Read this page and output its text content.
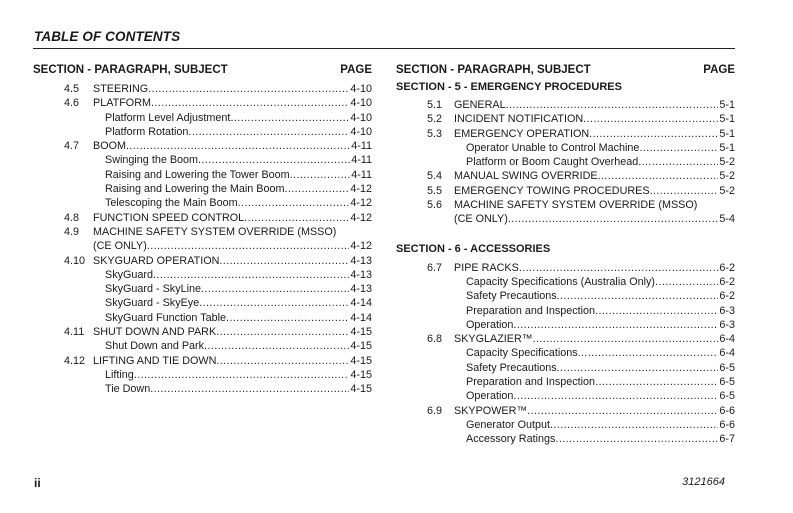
TABLE OF CONTENTS
SECTION - PARAGRAPH, SUBJECT	PAGE
4.5 STEERING . . .	4-10
4.6 PLATFORM . . .	4-10
Platform Level Adjustment . . .	4-10
Platform Rotation . . .	4-10
4.7 BOOM . . .	4-11
Swinging the Boom . . .	4-11
Raising and Lowering the Tower Boom . . .	4-11
Raising and Lowering the Main Boom . . .	4-12
Telescoping the Main Boom . . .	4-12
4.8 FUNCTION SPEED CONTROL . . .	4-12
4.9 MACHINE SAFETY SYSTEM OVERRIDE (MSSO)
(CE ONLY) . . .	4-12
4.10 SKYGUARD OPERATION . . .	4-13
SkyGuard . . .	4-13
SkyGuard - SkyLine . . .	4-13
SkyGuard - SkyEye . . .	4-14
SkyGuard Function Table . . .	4-14
4.11 SHUT DOWN AND PARK . . .	4-15
Shut Down and Park . . .	4-15
4.12 LIFTING AND TIE DOWN . . .	4-15
Lifting . . .	4-15
Tie Down . . .	4-15
SECTION - PARAGRAPH, SUBJECT	PAGE
SECTION - 5 - EMERGENCY PROCEDURES
5.1 GENERAL . . .	5-1
5.2 INCIDENT NOTIFICATION . . .	5-1
5.3 EMERGENCY OPERATION . . .	5-1
Operator Unable to Control Machine . . .	5-1
Platform or Boom Caught Overhead . . .	5-2
5.4 MANUAL SWING OVERRIDE . . .	5-2
5.5 EMERGENCY TOWING PROCEDURES . . .	5-2
5.6 MACHINE SAFETY SYSTEM OVERRIDE (MSSO)
(CE ONLY) . . .	5-4
SECTION - 6 - ACCESSORIES
6.7 PIPE RACKS . . .	6-2
Capacity Specifications (Australia Only) . . .	6-2
Safety Precautions . . .	6-2
Preparation and Inspection . . .	6-3
Operation . . .	6-3
6.8 SKYGLAZIER™ . . .	6-4
Capacity Specifications . . .	6-4
Safety Precautions . . .	6-5
Preparation and Inspection . . .	6-5
Operation . . .	6-5
6.9 SKYPOWER™ . . .	6-6
Generator Output . . .	6-6
Accessory Ratings . . .	6-7
ii	3121664
